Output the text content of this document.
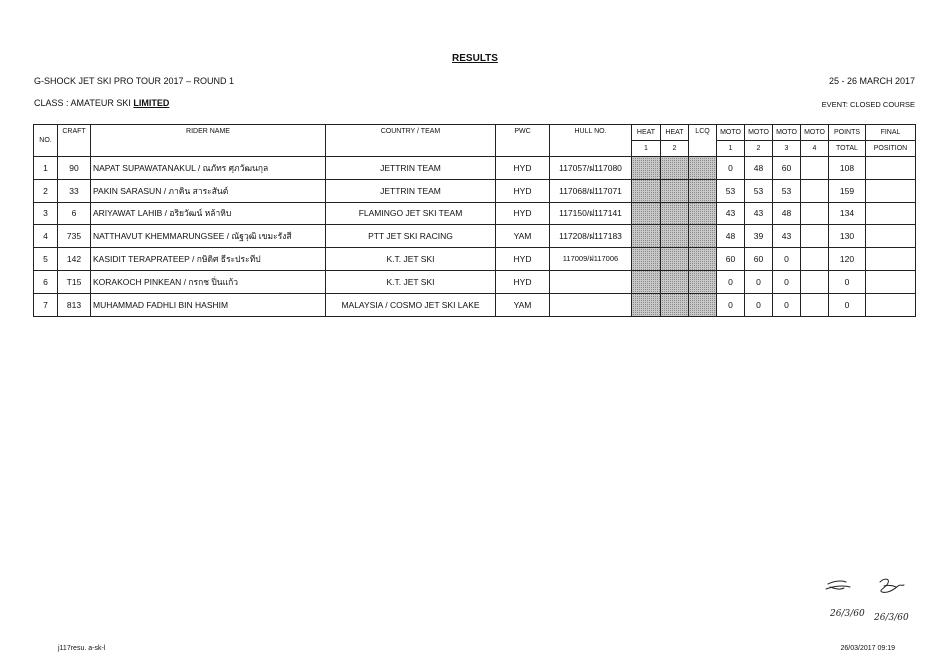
RESULTS
G-SHOCK JET SKI PRO TOUR 2017 – ROUND 1	25 - 26 MARCH 2017
CLASS : AMATEUR SKI LIMITED	EVENT: CLOSED COURSE
NO.	CRAFT	RIDER NAME	COUNTRY / TEAM	PWC	HULL NO.	HEAT	HEAT	LCQ	MOTO	MOTO	MOTO	MOTO	POINTS	FINAL
						1	2		1	2	3	4	TOTAL	POSITION
1	90	NAPAT SUPAWATANAKUL / ณภัทร ศุภวัฒนกุล	JETTRIN TEAM	HYD	117057/ฝ117080				0	48	60		108	
2	33	PAKIN SARASUN / ภาคิน สาระสันต์	JETTRIN TEAM	HYD	117068/ฝ117071				53	53	53		159	
3	6	ARIYAWAT LAHIB / อริยวัฒน์ หล้าหิบ	FLAMINGO JET SKI TEAM	HYD	117150/ฝ117141				43	43	48		134	
4	735	NATTHAVUT KHEMMARUNGSEE / ณัฐวุฒิ เขมะรังสี	PTT JET SKI RACING	YAM	117208/ฝ117183				48	39	43		130	
5	142	KASIDIT TERAPRATEEP / กษิดิศ ธีระประทีป	K.T. JET SKI	HYD	117009/ฝ117006				60	60	0		120	
6	T15	KORAKOCH PINKEAN / กรกช ปิ่นแก้ว	K.T. JET SKI	HYD					0	0	0		0	
7	813	MUHAMMAD FADHLI BIN HASHIM	MALAYSIA / COSMO JET SKI LAKE	YAM					0	0	0		0	
26/3/60 26/3/60
j117resu. a-sk-l	26/03/2017 09:19
